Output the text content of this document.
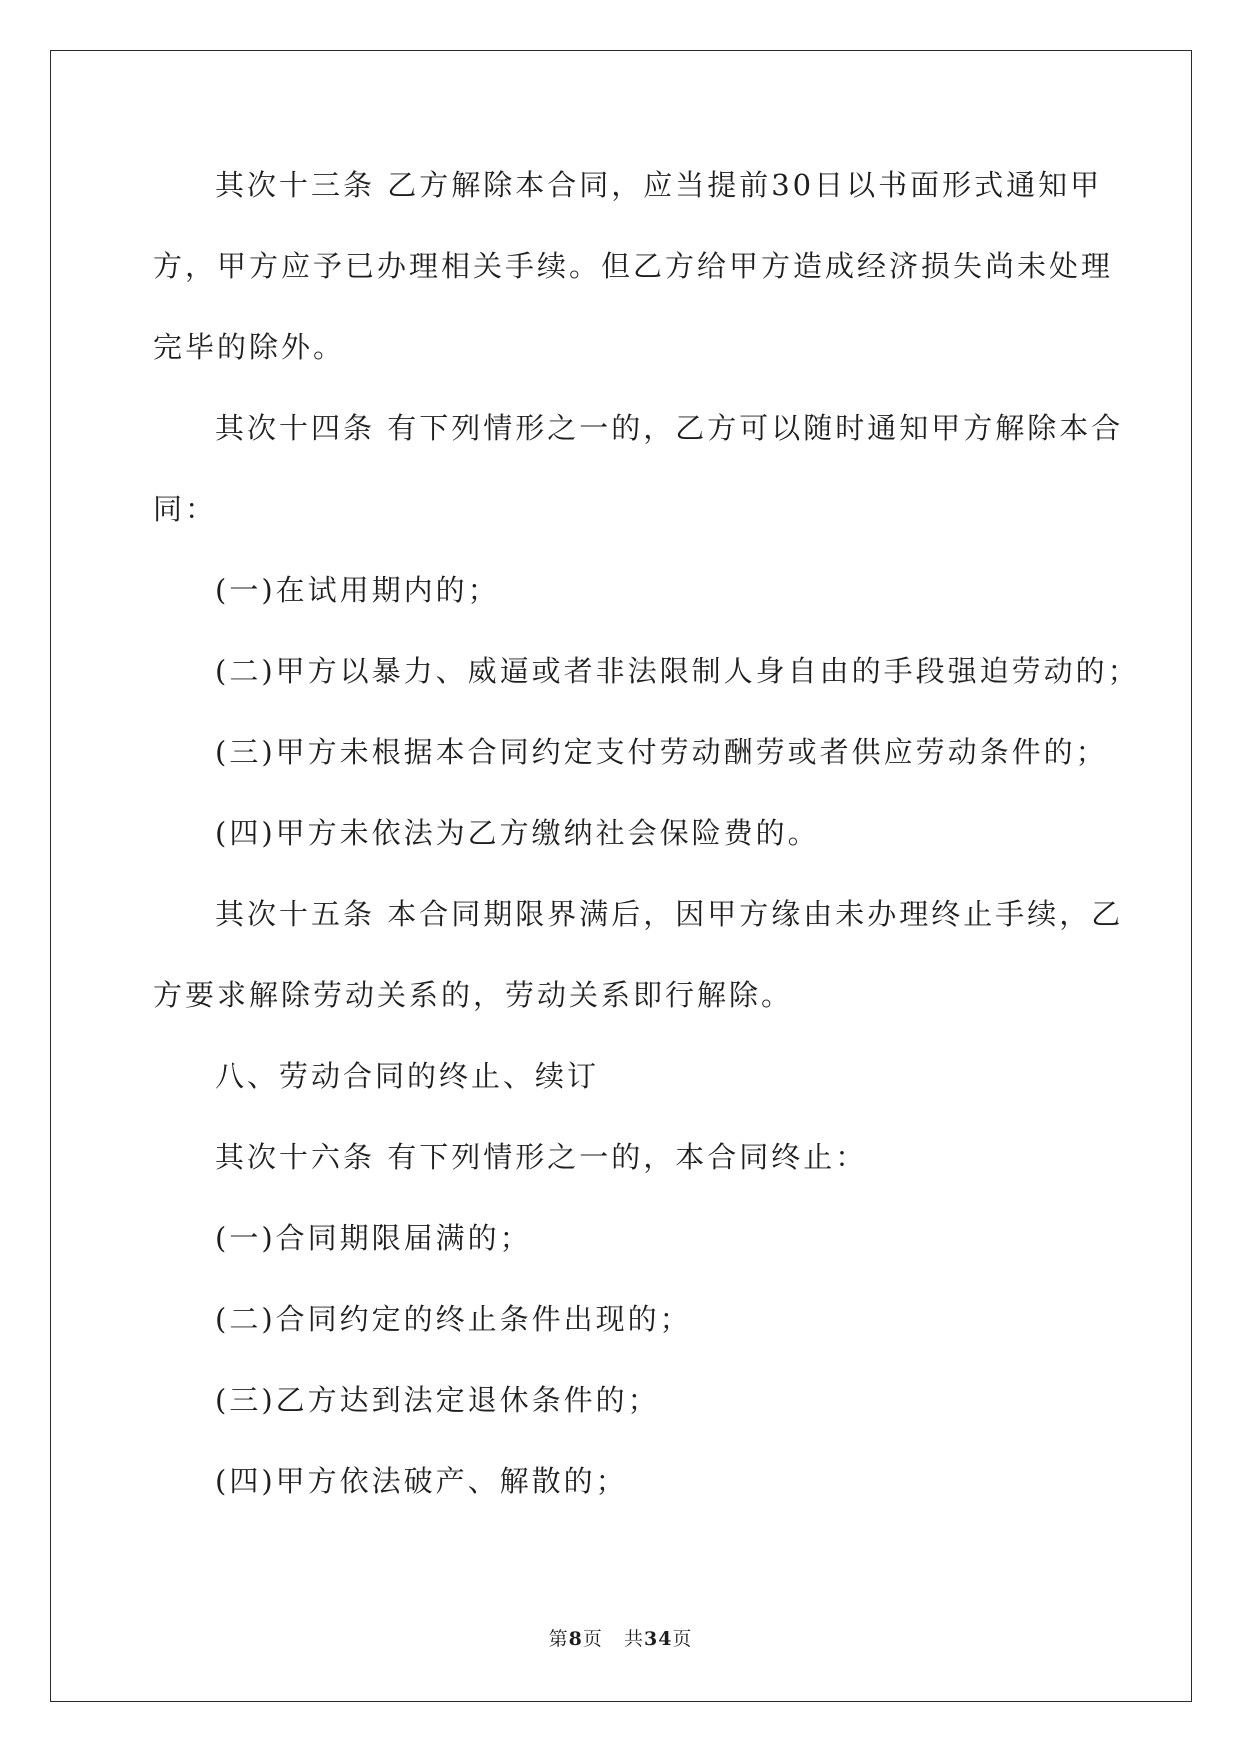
其次十三条 乙方解除本合同，应当提前30日以书面形式通知甲
方，甲方应予已办理相关手续。但乙方给甲方造成经济损失尚未处理
完毕的除外。
其次十四条 有下列情形之一的，乙方可以随时通知甲方解除本合
同：
(一)在试用期内的；
(二)甲方以暴力、威逼或者非法限制人身自由的手段强迫劳动的；
(三)甲方未根据本合同约定支付劳动酬劳或者供应劳动条件的；
(四)甲方未依法为乙方缴纳社会保险费的。
其次十五条 本合同期限界满后，因甲方缘由未办理终止手续，乙
方要求解除劳动关系的，劳动关系即行解除。
八、劳动合同的终止、续订
其次十六条 有下列情形之一的，本合同终止：
(一)合同期限届满的；
(二)合同约定的终止条件出现的；
(三)乙方达到法定退休条件的；
(四)甲方依法破产、解散的；
第8页 共34页
